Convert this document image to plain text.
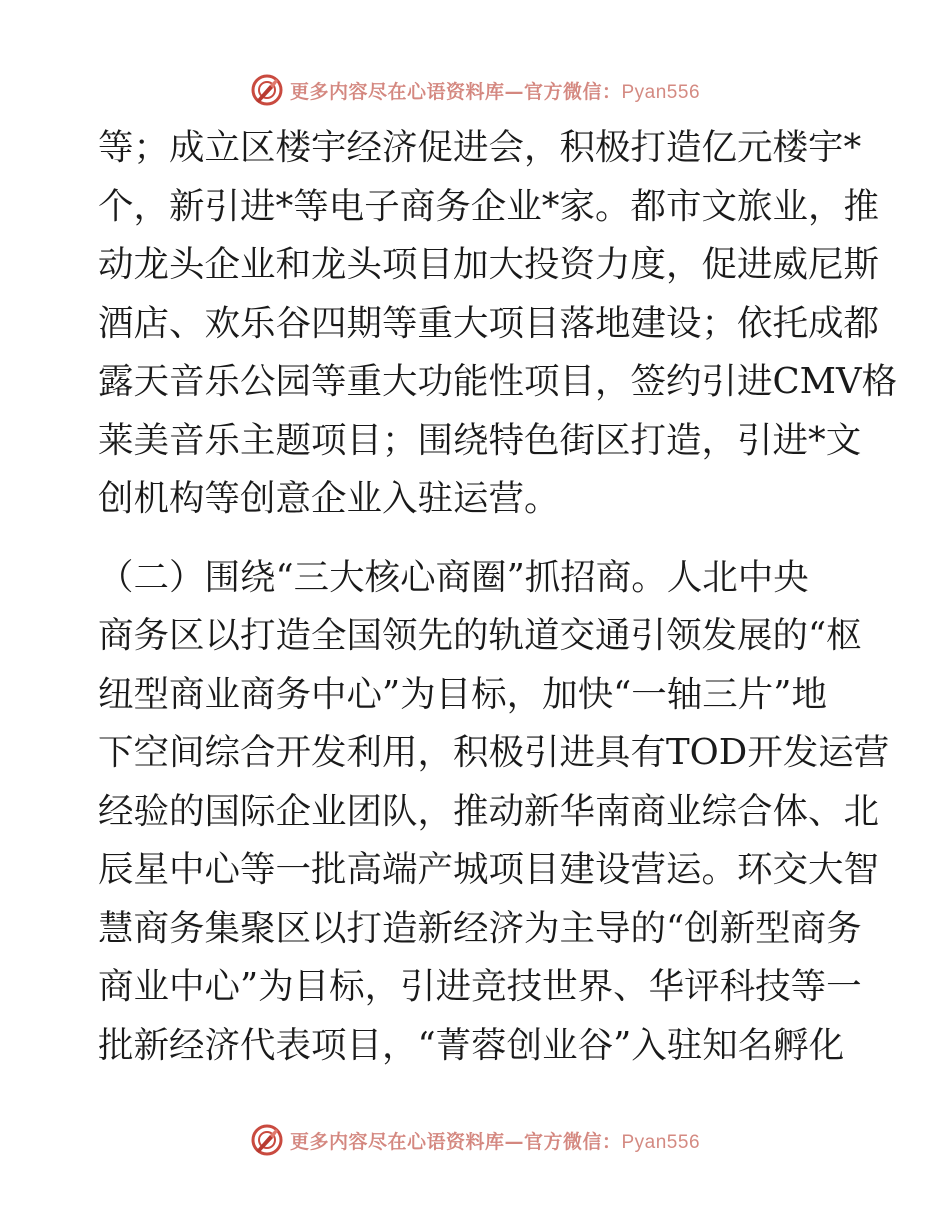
更多内容尽在心语资料库—官方微信：Pyan556
等；成立区楼宇经济促进会，积极打造亿元楼宇*
个，新引进*等电子商务企业*家。都市文旅业，推
动龙头企业和龙头项目加大投资力度，促进威尼斯
酒店、欢乐谷四期等重大项目落地建设；依托成都
露天音乐公园等重大功能性项目，签约引进CMV格
莱美音乐主题项目；围绕特色街区打造，引进*文
创机构等创意企业入驻运营。
（二）围绕“三大核心商圈”抓招商。人北中央
商务区以打造全国领先的轨道交通引领发展的“枢
纽型商业商务中心”为目标，加快“一轴三片”地
下空间综合开发利用，积极引进具有TOD开发运营
经验的国际企业团队，推动新华南商业综合体、北
辰星中心等一批高端产城项目建设营运。环交大智
慧商务集聚区以打造新经济为主导的“创新型商务
商业中心”为目标，引进竞技世界、华评科技等一
批新经济代表项目，“菁蓉创业谷”入驻知名孵化
更多内容尽在心语资料库—官方微信：Pyan556
